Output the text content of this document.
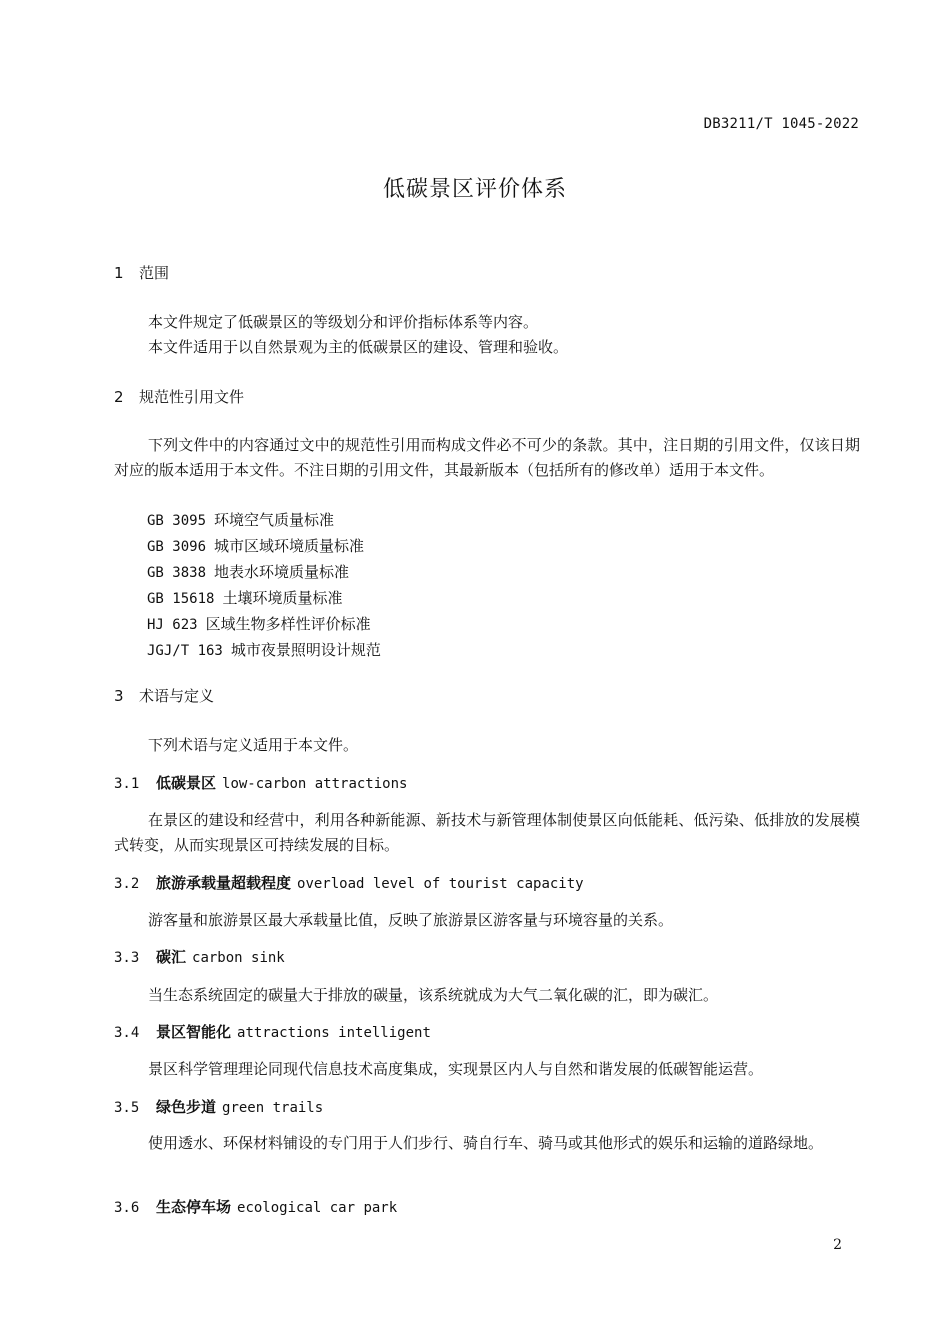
DB3211/T 1045-2022
低碳景区评价体系
1 范围
本文件规定了低碳景区的等级划分和评价指标体系等内容。
本文件适用于以自然景观为主的低碳景区的建设、管理和验收。
2 规范性引用文件
下列文件中的内容通过文中的规范性引用而构成文件必不可少的条款。其中，注日期的引用文件，仅该日期对应的版本适用于本文件。不注日期的引用文件，其最新版本（包括所有的修改单）适用于本文件。
GB 3095 环境空气质量标准
GB 3096 城市区域环境质量标准
GB 3838 地表水环境质量标准
GB 15618 土壤环境质量标准
HJ 623 区域生物多样性评价标准
JGJ/T 163 城市夜景照明设计规范
3 术语与定义
下列术语与定义适用于本文件。
3.1 低碳景区 low-carbon attractions
在景区的建设和经营中，利用各种新能源、新技术与新管理体制使景区向低能耗、低污染、低排放的发展模式转变，从而实现景区可持续发展的目标。
3.2 旅游承载量超载程度 overload level of tourist capacity
游客量和旅游景区最大承载量比值，反映了旅游景区游客量与环境容量的关系。
3.3 碳汇 carbon sink
当生态系统固定的碳量大于排放的碳量，该系统就成为大气二氧化碳的汇，即为碳汇。
3.4 景区智能化 attractions intelligent
景区科学管理理论同现代信息技术高度集成，实现景区内人与自然和谐发展的低碳智能运营。
3.5 绿色步道 green trails
使用透水、环保材料铺设的专门用于人们步行、骑自行车、骑马或其他形式的娱乐和运输的道路绿地。
3.6 生态停车场 ecological car park
2
